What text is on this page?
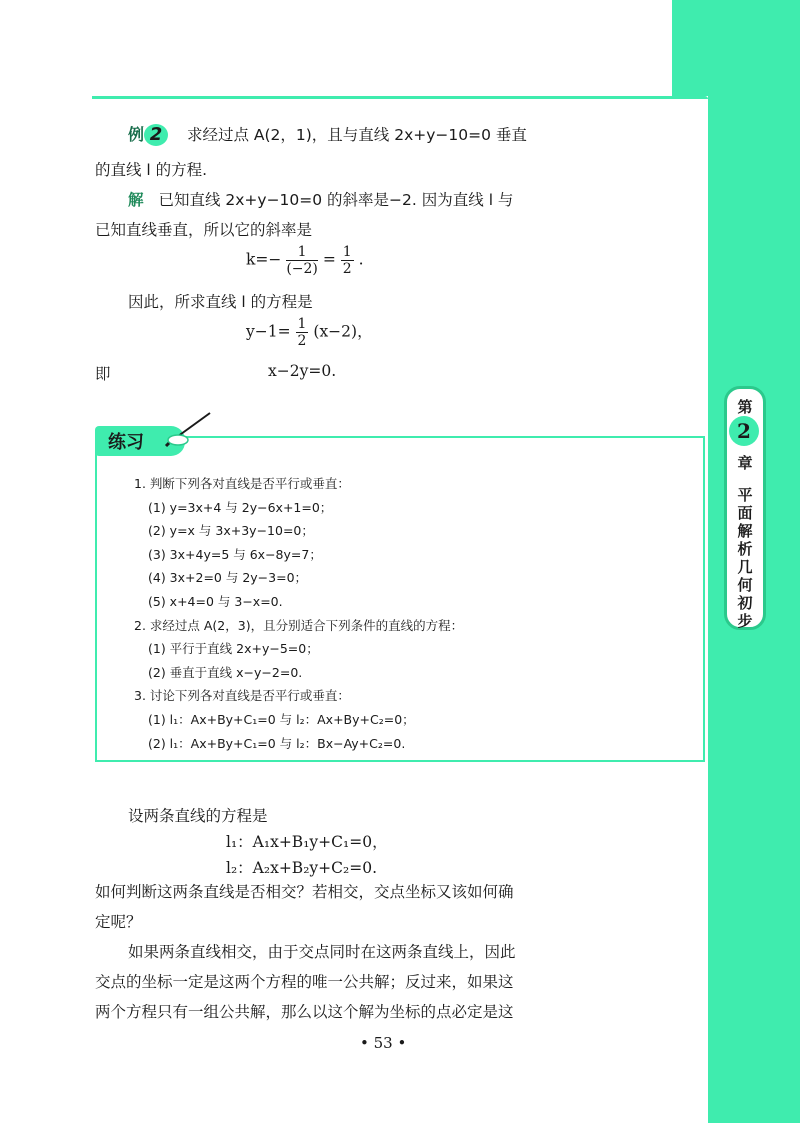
第
2
章
平
面
解
析
几
何
初
步
例 2 求经过点 A(2，1)，且与直线 2x+y−10=0 垂直
的直线 l 的方程.
解 已知直线 2x+y−10=0 的斜率是−2. 因为直线 l 与
已知直线垂直，所以它的斜率是
$k=- \frac{1}{(-2)} = \frac{1}{2}$ .
因此，所求直线 l 的方程是
$y-1= \frac{1}{2} (x-2)$，
即	x−2y=0.
练习
1. 判断下列各对直线是否平行或垂直：
(1) y=3x+4 与 2y−6x+1=0；
(2) y=x 与 3x+3y−10=0；
(3) 3x+4y=5 与 6x−8y=7；
(4) 3x+2=0 与 2y−3=0；
(5) x+4=0 与 3−x=0.
2. 求经过点 A(2，3)，且分别适合下列条件的直线的方程：
(1) 平行于直线 2x+y−5=0；
(2) 垂直于直线 x−y−2=0.
3. 讨论下列各对直线是否平行或垂直：
(1) l₁：Ax+By+C₁=0 与 l₂：Ax+By+C₂=0；
(2) l₁：Ax+By+C₁=0 与 l₂：Bx−Ay+C₂=0.
设两条直线的方程是
l₁：A₁x+B₁y+C₁=0，
l₂：A₂x+B₂y+C₂=0.
如何判断这两条直线是否相交？若相交，交点坐标又该如何确
定呢？
如果两条直线相交，由于交点同时在这两条直线上，因此
交点的坐标一定是这两个方程的唯一公共解；反过来，如果这
两个方程只有一组公共解，那么以这个解为坐标的点必定是这
• 53 •
